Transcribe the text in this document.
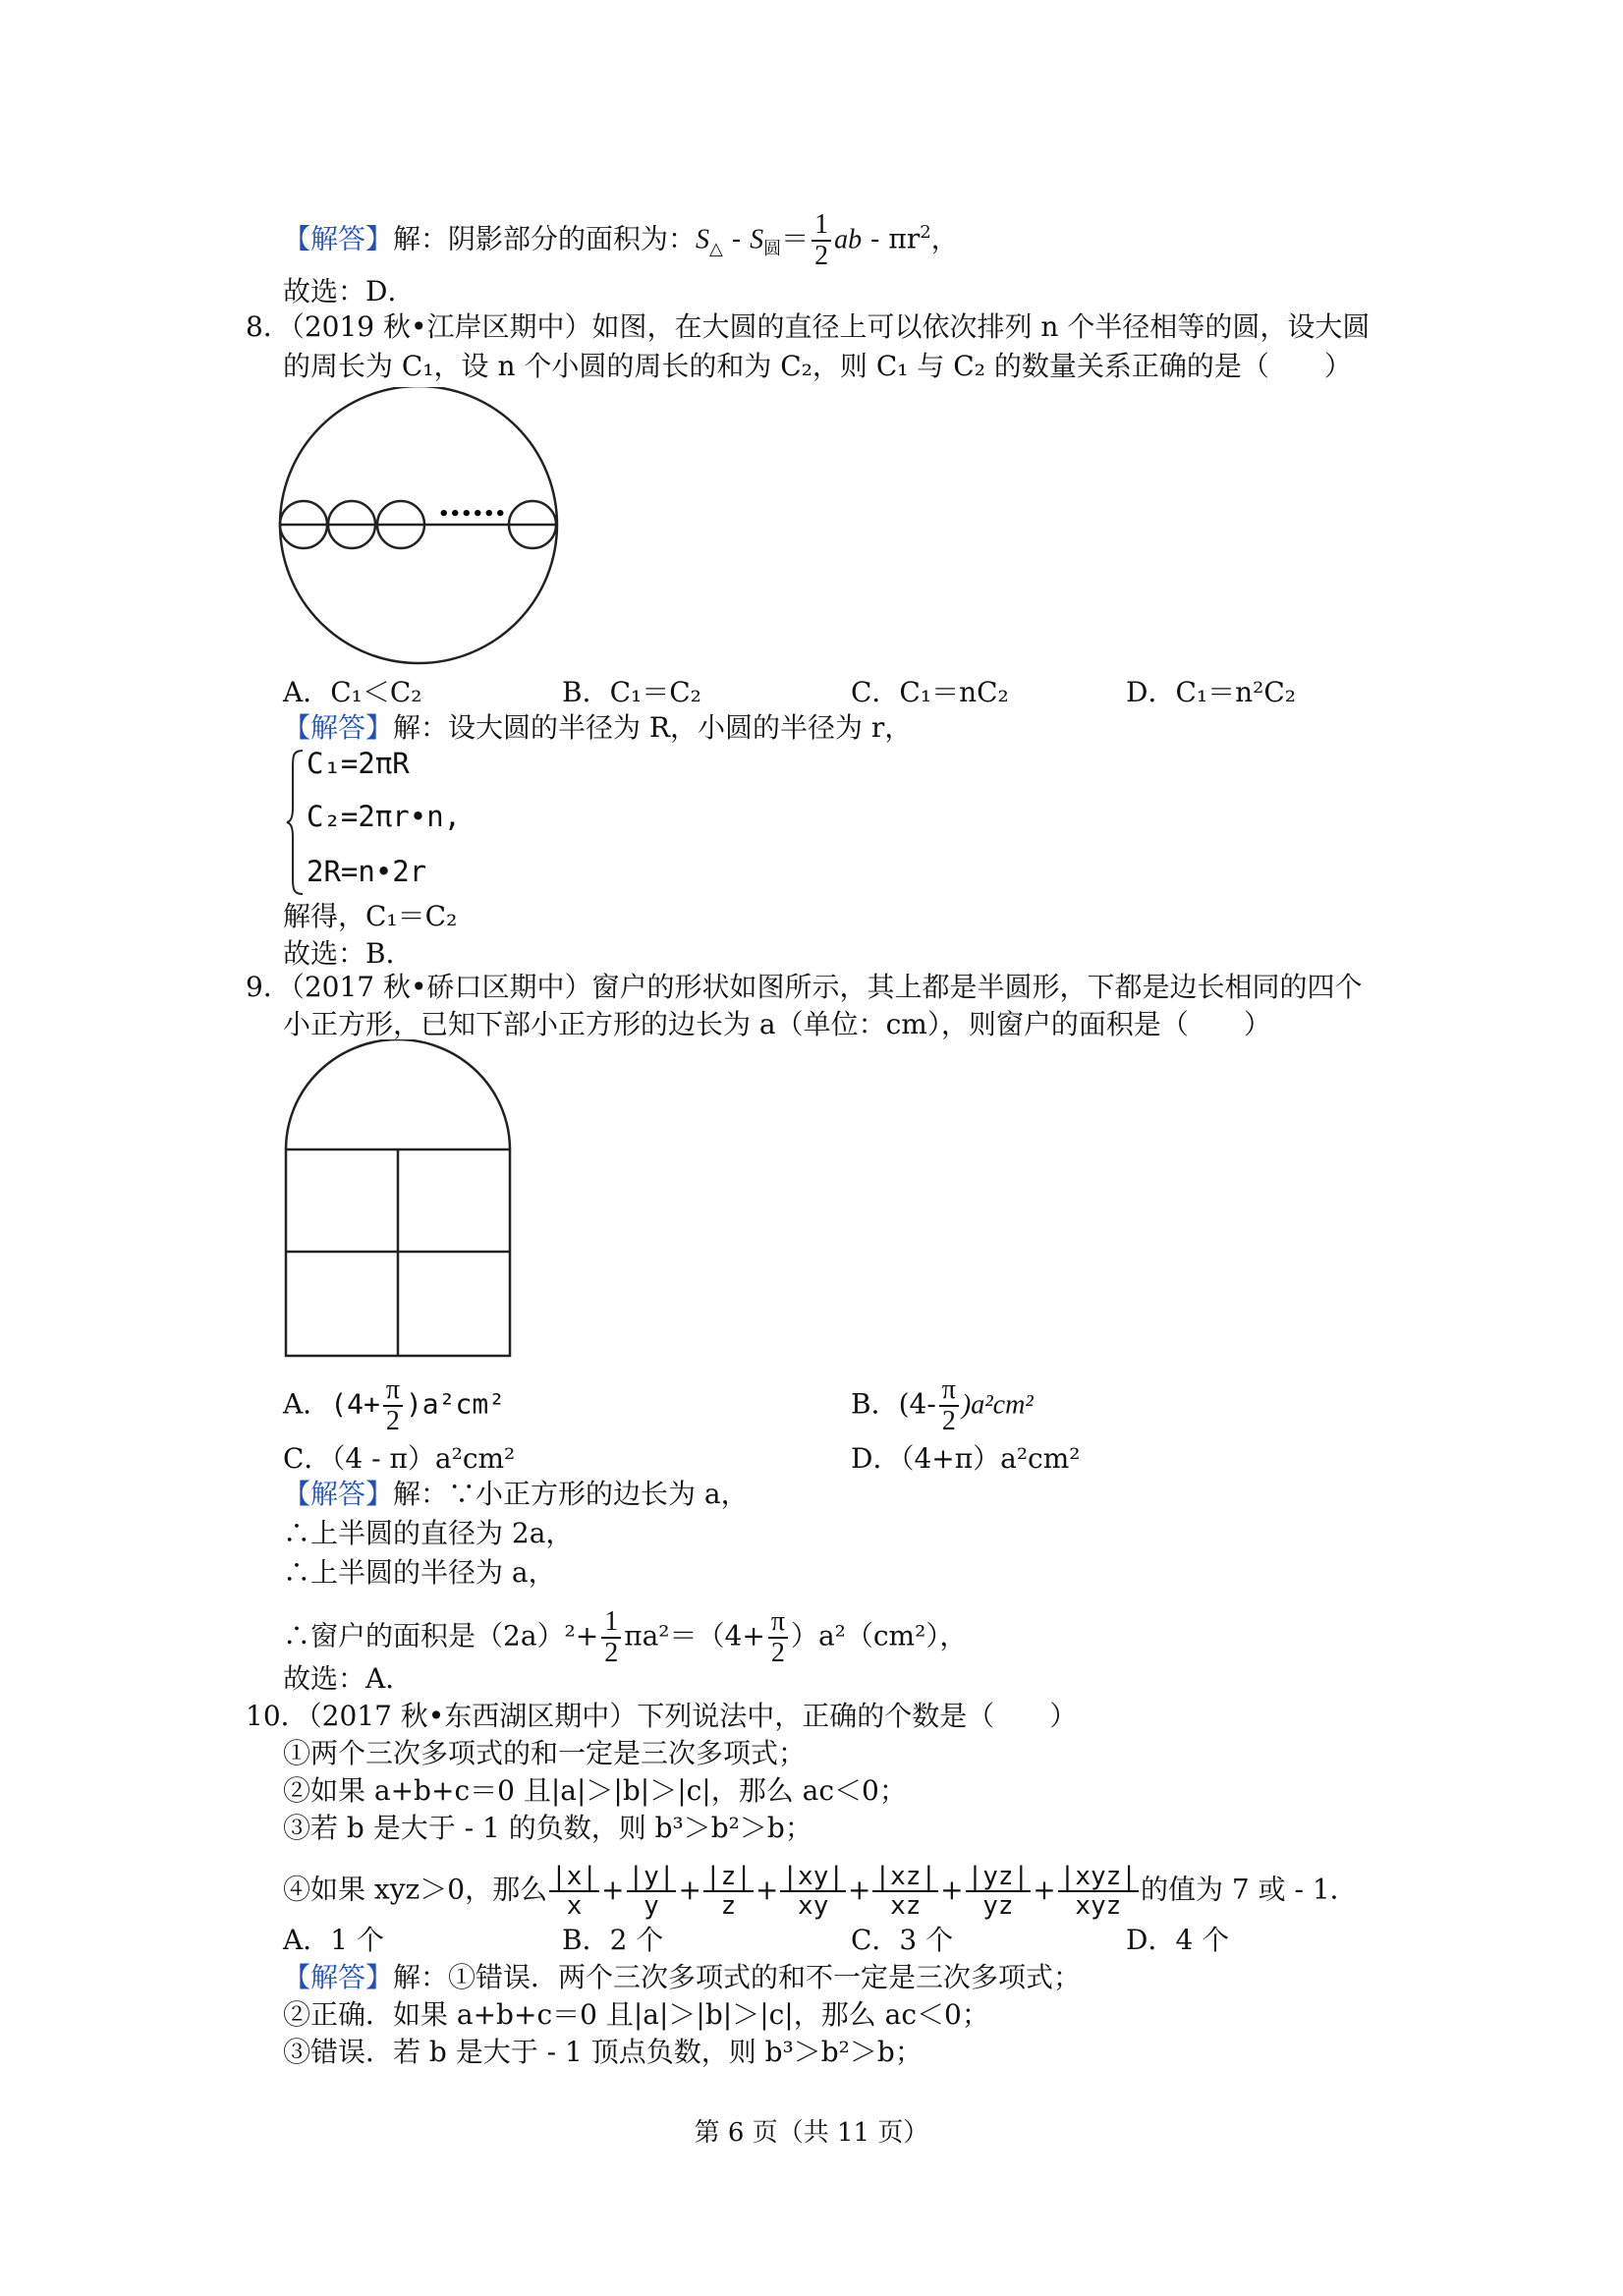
【解答】解：阴影部分的面积为：$S_\triangle - S_圆= \frac{1}{2}$ ab - $\pi r^2$，
故选：D．
8．（2019 秋•江岸区期中）如图，在大圆的直径上可以依次排列 n 个半径相等的圆，设大圆
的周长为 C₁，设 n 个小圆的周长的和为 C₂，则 C₁ 与 C₂ 的数量关系正确的是（　　）
••••••
A．C₁＜C₂	B．C₁＝C₂	C．C₁＝nC₂	D．C₁＝n²C₂
【解答】解：设大圆的半径为 R，小圆的半径为 r，
C₁=2πR
C₂=2πr•n,
2R=n•2r
解得，C₁＝C₂
故选：B．
9．（2017 秋•硚口区期中）窗户的形状如图所示，其上都是半圆形，下都是边长相同的四个
小正方形，已知下部小正方形的边长为 a（单位：cm），则窗户的面积是（　　）
A．$(4+ \frac{\pi}{2} )a^2cm^2$	B．$(4- \frac{\pi}{2} )a^2cm^2$
C．（4 - π）a²cm²	D．（4+π）a²cm²
【解答】解：∵小正方形的边长为 a，
∴上半圆的直径为 2a，
∴上半圆的半径为 a，
∴窗户的面积是$(2a)^2+ \frac{1}{2} \pi a^2=(4+ \frac{\pi}{2} )a^2(cm^2)$，
故选：A．
10．（2017 秋•东西湖区期中）下列说法中，正确的个数是（　　）
①两个三次多项式的和一定是三次多项式；
②如果 a+b+c＝0 且|a|＞|b|＞|c|，那么 ac＜0；
③若 b 是大于 - 1 的负数，则 b³＞b²＞b；
④如果 xyz＞0，那么 $\frac{|x|}{x} + \frac{|y|}{y} + \frac{|z|}{z} + \frac{|xy|}{xy} + \frac{|xz|}{xz} + \frac{|yz|}{yz} + |xyz|$
xyz
的值为 7 或 - 1．
A．1 个	B．2 个	C．3 个	D．4 个
【解答】解：①错误．两个三次多项式的和不一定是三次多项式；
②正确．如果 a+b+c＝0 且|a|＞|b|＞|c|，那么 ac＜0；
③错误．若 b 是大于 - 1 顶点负数，则 b³＞b²＞b；
第 6 页（共 11 页）
